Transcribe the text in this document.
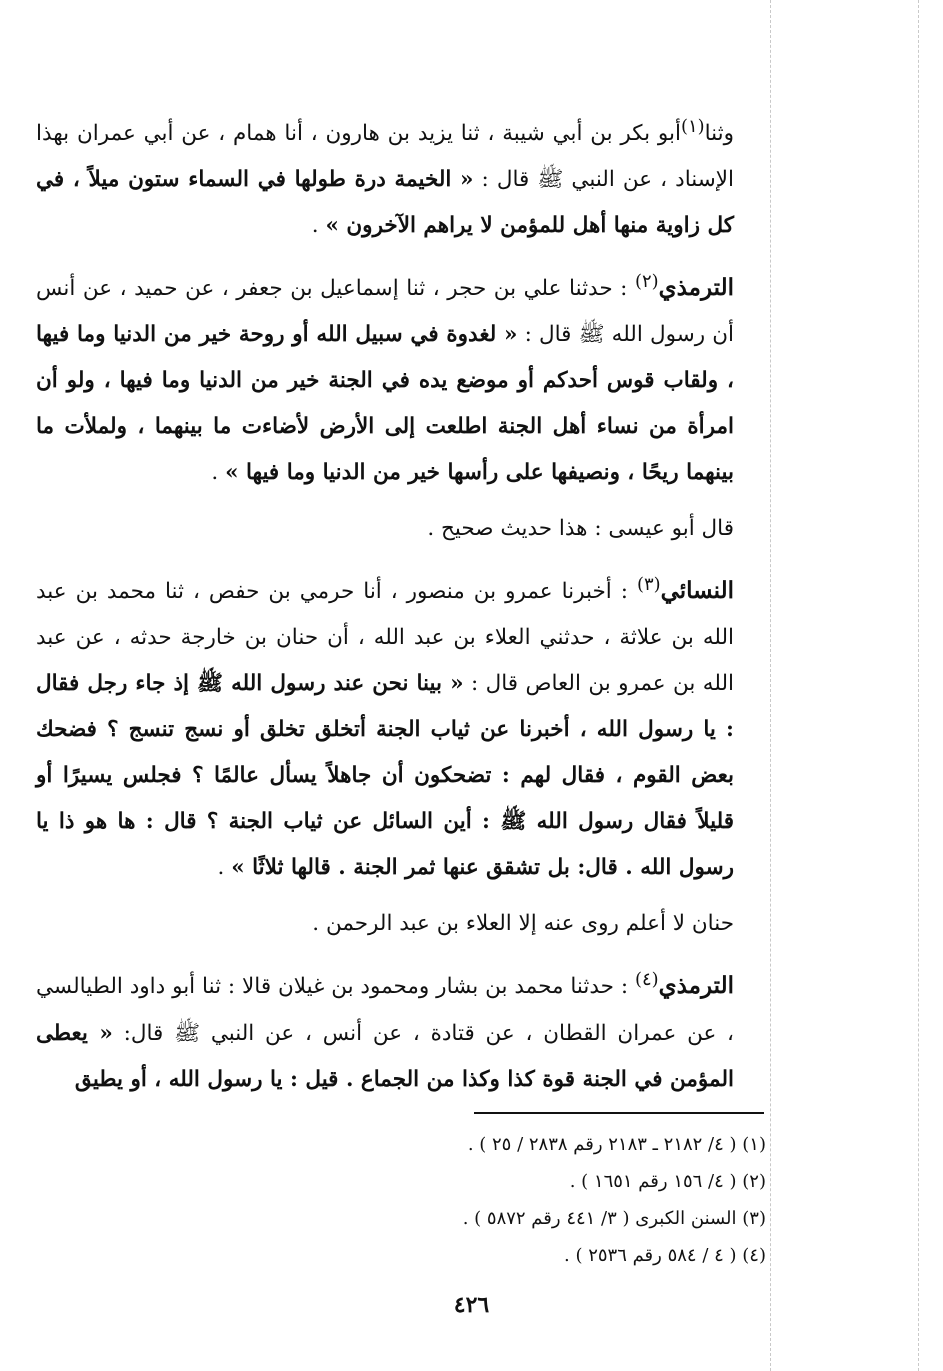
وثنا$^{(١)}$أبو بكر بن أبي شيبة ، ثنا يزيد بن هارون ، أنا همام ، عن أبي عمران بهذا الإسناد ، عن النبي ﷺ قال : « الخيمة درة طولها في السماء ستون ميلاً ، في كل زاوية منها أهل للمؤمن لا يراهم الآخرون » .

الترمذي$^{(٢)}$ : حدثنا علي بن حجر ، ثنا إسماعيل بن جعفر ، عن حميد ، عن أنس أن رسول الله ﷺ قال : « لغدوة في سبيل الله أو روحة خير من الدنيا وما فيها ، ولقاب قوس أحدكم أو موضع يده في الجنة خير من الدنيا وما فيها ، ولو أن امرأة من نساء أهل الجنة اطلعت إلى الأرض لأضاءت ما بينهما ، ولملأت ما بينهما ريحًا ، ونصيفها على رأسها خير من الدنيا وما فيها » .

قال أبو عيسى : هذا حديث صحيح .

النسائي$^{(٣)}$ : أخبرنا عمرو بن منصور ، أنا حرمي بن حفص ، ثنا محمد بن عبد الله بن علاثة ، حدثني العلاء بن عبد الله ، أن حنان بن خارجة حدثه ، عن عبد الله بن عمرو بن العاص قال : « بينا نحن عند رسول الله ﷺ إذ جاء رجل فقال : يا رسول الله ، أخبرنا عن ثياب الجنة أتخلق تخلق أو نسج تنسج ؟ فضحك بعض القوم ، فقال لهم : تضحكون أن جاهلاً يسأل عالمًا ؟ فجلس يسيرًا أو قليلاً فقال رسول الله ﷺ : أين السائل عن ثياب الجنة ؟ قال : ها هو ذا يا رسول الله . قال: بل تشقق عنها ثمر الجنة . قالها ثلاثًا » .

حنان لا أعلم روى عنه إلا العلاء بن عبد الرحمن .

الترمذي$^{(٤)}$ : حدثنا محمد بن بشار ومحمود بن غيلان قالا : ثنا أبو داود الطيالسي ، عن عمران القطان ، عن قتادة ، عن أنس ، عن النبي ﷺ قال: « يعطى المؤمن في الجنة قوة كذا وكذا من الجماع . قيل : يا رسول الله ، أو يطيق

(١) ( ٤/ ٢١٨٢ ـ ٢١٨٣ رقم ٢٨٣٨ / ٢٥ ) .

(٢) ( ٤/ ١٥٦ رقم ١٦٥١ ) .

(٣) السنن الكبرى ( ٣/ ٤٤١ رقم ٥٨٧٢ ) .

(٤) ( ٤ / ٥٨٤ رقم ٢٥٣٦ ) .

٤٢٦
